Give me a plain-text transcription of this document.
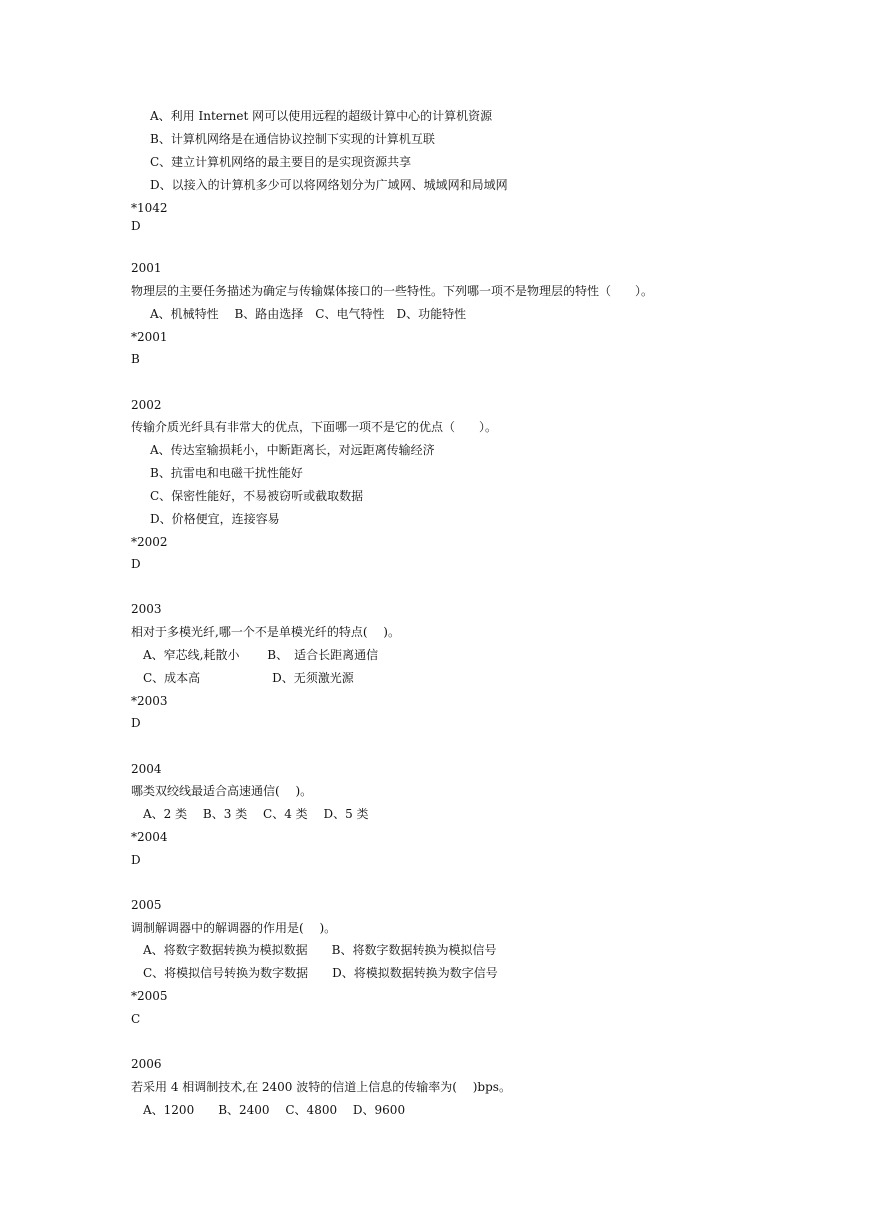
A、利用 Internet 网可以使用远程的超级计算中心的计算机资源
B、计算机网络是在通信协议控制下实现的计算机互联
C、建立计算机网络的最主要目的是实现资源共享
D、以接入的计算机多少可以将网络划分为广域网、城域网和局域网
*1042
D
2001
物理层的主要任务描述为确定与传输媒体接口的一些特性。下列哪一项不是物理层的特性（　　）。
A、机械特性　 B、路由选择　C、电气特性　D、功能特性
*2001
B
2002
传输介质光纤具有非常大的优点，下面哪一项不是它的优点（　　）。
A、传达室输损耗小，中断距离长，对远距离传输经济
B、抗雷电和电磁干扰性能好
C、保密性能好，不易被窃听或截取数据
D、价格便宜，连接容易
*2002
D
2003
相对于多模光纤,哪一个不是单模光纤的特点(　 )。
A、窄芯线,耗散小　　 B、　适合长距离通信
C、成本高　　　　　　D、无须激光源
*2003
D
2004
哪类双绞线最适合高速通信(　 )。
A、2 类　 B、3 类　 C、4 类　 D、5 类
*2004
D
2005
调制解调器中的解调器的作用是(　 )。
A、将数字数据转换为模拟数据　　B、将数字数据转换为模拟信号
C、将模拟信号转换为数字数据　　D、将模拟数据转换为数字信号
*2005
C
2006
若采用 4 相调制技术,在 2400 波特的信道上信息的传输率为(　 )bps。
A、1200　　B、2400　 C、4800　 D、9600
